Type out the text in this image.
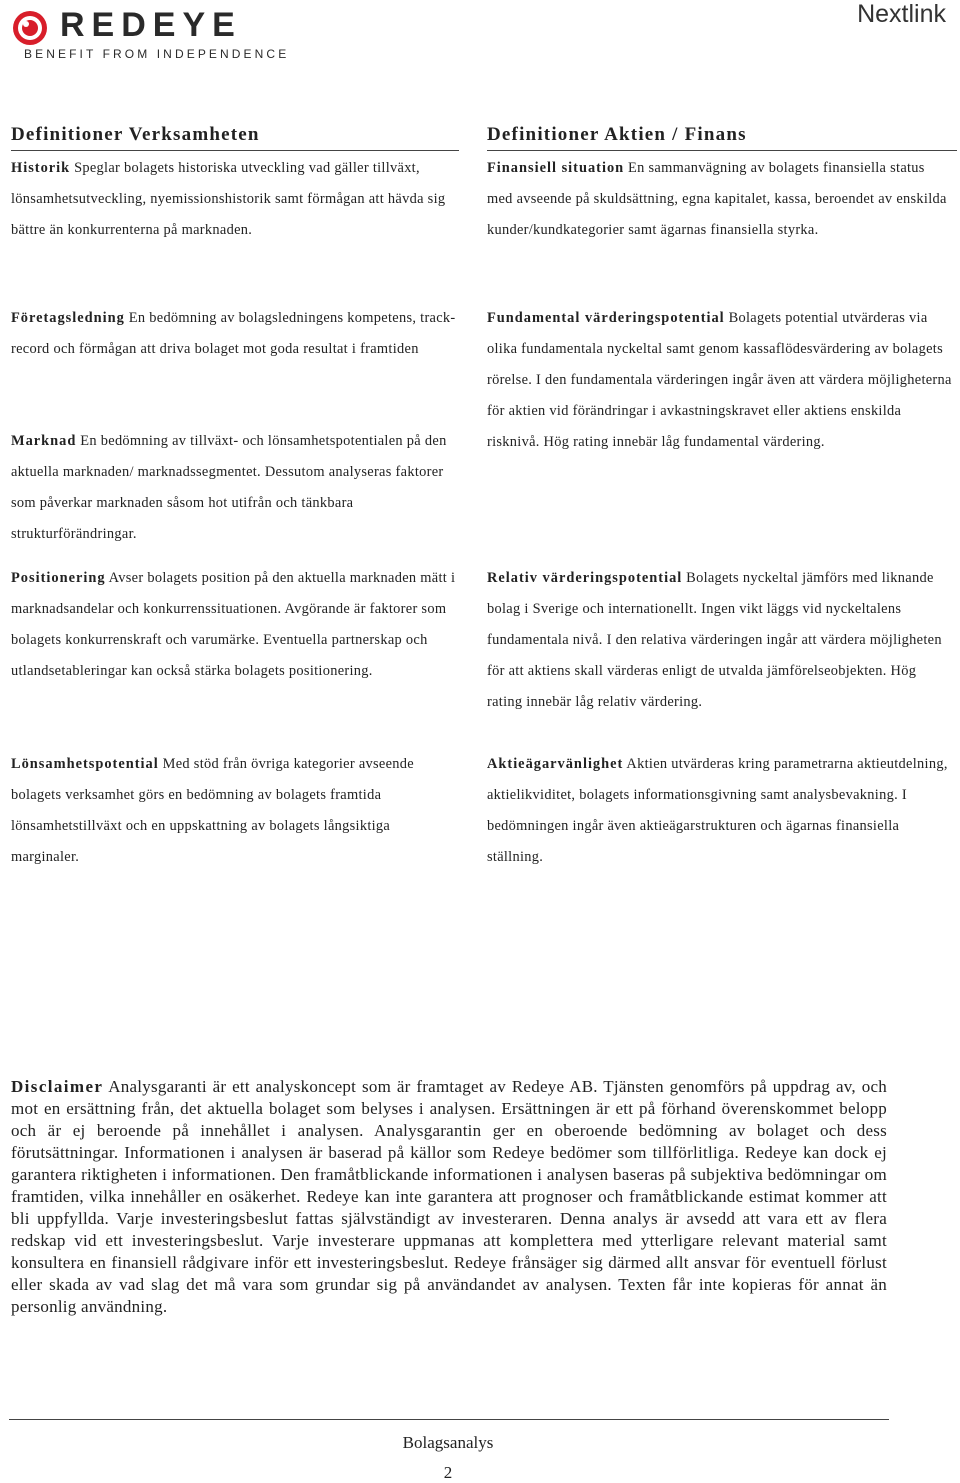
REDEYE
BENEFIT FROM INDEPENDENCE
Nextlink
Definitioner Verksamheten	Definitioner Aktien / Finans
Historik Speglar bolagets historiska utveckling vad gäller tillväxt, lönsamhetsutveckling, nyemissionshistorik samt förmågan att hävda sig bättre än konkurrenterna på marknaden.
Företagsledning En bedömning av bolagsledningens kompetens, track-record och förmågan att driva bolaget mot goda resultat i framtiden
Marknad En bedömning av tillväxt- och lönsamhetspotentialen på den aktuella marknaden/ marknadssegmentet. Dessutom analyseras faktorer som påverkar marknaden såsom hot utifrån och tänkbara strukturförändringar.
Positionering Avser bolagets position på den aktuella marknaden mätt i marknadsandelar och konkurrenssituationen. Avgörande är faktorer som bolagets konkurrenskraft och varumärke. Eventuella partnerskap och utlandsetableringar kan också stärka bolagets positionering.
Lönsamhetspotential Med stöd från övriga kategorier avseende bolagets verksamhet görs en bedömning av bolagets framtida lönsamhetstillväxt och en uppskattning av bolagets långsiktiga marginaler.
Finansiell situation En sammanvägning av bolagets finansiella status med avseende på skuldsättning, egna kapitalet, kassa, beroendet av enskilda kunder/kundkategorier samt ägarnas finansiella styrka.
Fundamental värderingspotential Bolagets potential utvärderas via olika fundamentala nyckeltal samt genom kassaflödesvärdering av bolagets rörelse. I den fundamentala värderingen ingår även att värdera möjligheterna för aktien vid förändringar i avkastningskravet eller aktiens enskilda risknivå. Hög rating innebär låg fundamental värdering.
Relativ värderingspotential Bolagets nyckeltal jämförs med liknande bolag i Sverige och internationellt. Ingen vikt läggs vid nyckeltalens fundamentala nivå. I den relativa värderingen ingår att värdera möjligheten för att aktiens skall värderas enligt de utvalda jämförelseobjekten. Hög rating innebär låg relativ värdering.
Aktieägarvänlighet Aktien utvärderas kring parametrarna aktieutdelning, aktielikviditet, bolagets informationsgivning samt analysbevakning. I bedömningen ingår även aktieägarstrukturen och ägarnas finansiella ställning.
Disclaimer Analysgaranti är ett analyskoncept som är framtaget av Redeye AB. Tjänsten genomförs på uppdrag av, och mot en ersättning från, det aktuella bolaget som belyses i analysen. Ersättningen är ett på förhand överenskommet belopp och är ej beroende på innehållet i analysen. Analysgarantin ger en oberoende bedömning av bolaget och dess förutsättningar. Informationen i analysen är baserad på källor som Redeye bedömer som tillförlitliga. Redeye kan dock ej garantera riktigheten i informationen. Den framåtblickande informationen i analysen baseras på subjektiva bedömningar om framtiden, vilka innehåller en osäkerhet. Redeye kan inte garantera att prognoser och framåtblickande estimat kommer att bli uppfyllda. Varje investeringsbeslut fattas självständigt av investeraren. Denna analys är avsedd att vara ett av flera redskap vid ett investeringsbeslut. Varje investerare uppmanas att komplettera med ytterligare relevant material samt konsultera en finansiell rådgivare inför ett investeringsbeslut. Redeye frånsäger sig därmed allt ansvar för eventuell förlust eller skada av vad slag det må vara som grundar sig på användandet av analysen. Texten får inte kopieras för annat än personlig användning.
Bolagsanalys
2
